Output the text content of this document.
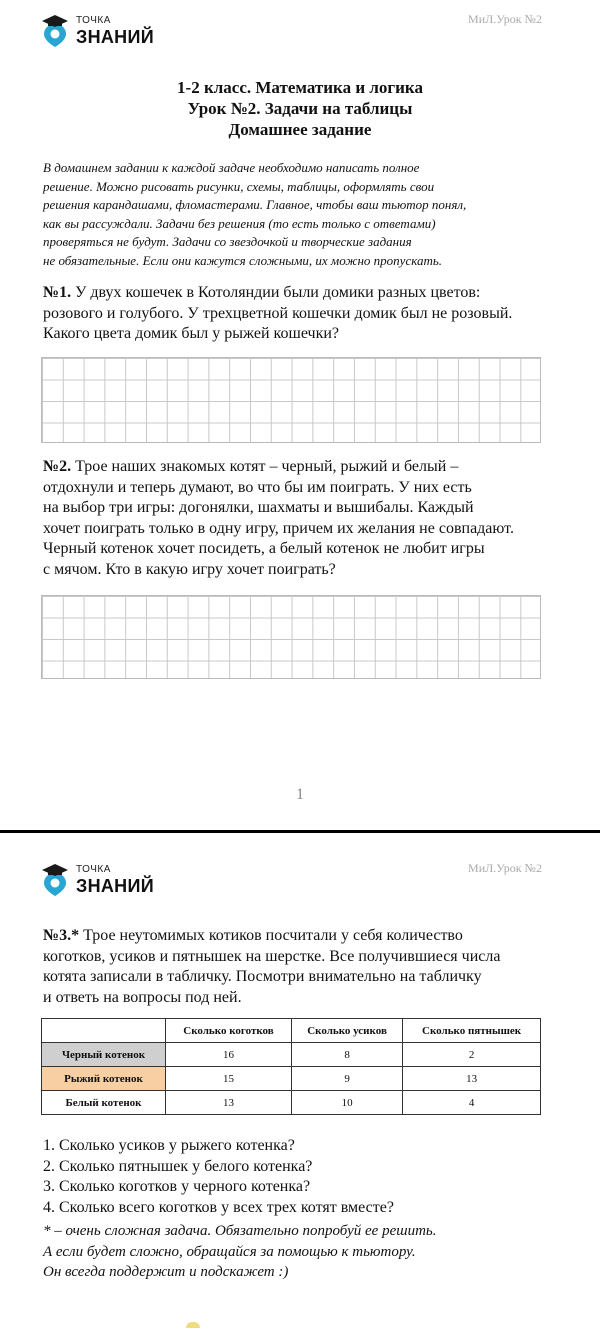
ТОЧКА
ЗНАНИЙ
МиЛ.Урок №2
1-2 класс. Математика и логика
Урок №2. Задачи на таблицы
Домашнее задание
В домашнем задании к каждой задаче необходимо написать полное
решение. Можно рисовать рисунки, схемы, таблицы, оформлять свои
решения карандашами, фломастерами. Главное, чтобы ваш тьютор понял,
как вы рассуждали. Задачи без решения (то есть только с ответами)
проверяться не будут. Задачи со звездочкой и творческие задания
не обязательные. Если они кажутся сложными, их можно пропускать.
№1. У двух кошечек в Котоляндии были домики разных цветов:
розового и голубого. У трехцветной кошечки домик был не розовый.
Какого цвета домик был у рыжей кошечки?
№2. Трое наших знакомых котят – черный, рыжий и белый –
отдохнули и теперь думают, во что бы им поиграть. У них есть
на выбор три игры: догонялки, шахматы и вышибалы. Каждый
хочет поиграть только в одну игру, причем их желания не совпадают.
Черный котенок хочет посидеть, а белый котенок не любит игры
с мячом. Кто в какую игру хочет поиграть?
1
ТОЧКА
ЗНАНИЙ
МиЛ.Урок №2
№3.* Трое неутомимых котиков посчитали у себя количество
коготков, усиков и пятнышек на шерстке. Все получившиеся числа
котята записали в табличку. Посмотри внимательно на табличку
и ответь на вопросы под ней.
	Сколько коготков	Сколько усиков	Сколько пятнышек
Черный котенок	16	8	2
Рыжий котенок	15	9	13
Белый котенок	13	10	4
1. Сколько усиков у рыжего котенка?
2. Сколько пятнышек у белого котенка?
3. Сколько коготков у черного котенка?
4. Сколько всего коготков у всех трех котят вместе?
* – очень сложная задача. Обязательно попробуй ее решить.
А если будет сложно, обращайся за помощью к тьютору.
Он всегда поддержит и подскажет :)
